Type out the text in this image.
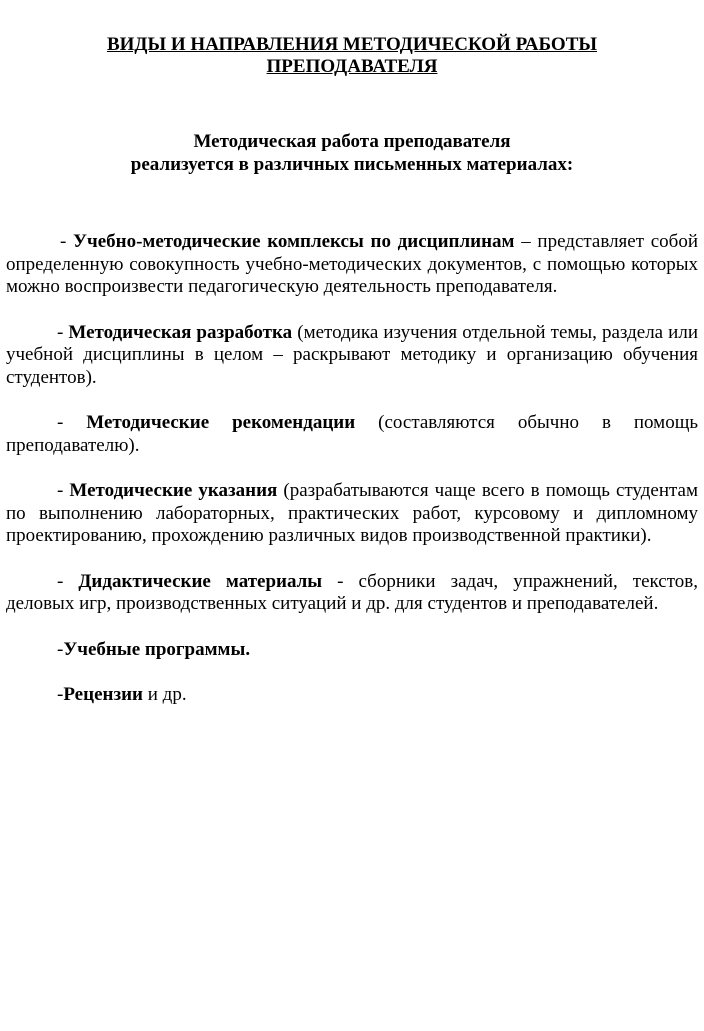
ВИДЫ И НАПРАВЛЕНИЯ МЕТОДИЧЕСКОЙ РАБОТЫ
ПРЕПОДАВАТЕЛЯ
Методическая работа преподавателя
реализуется в различных письменных материалах:

- Учебно-методические комплексы по дисциплинам – представляет собой определенную совокупность учебно-методических документов, с помощью которых можно воспроизвести педагогическую деятельность преподавателя.

- Методическая разработка (методика изучения отдельной темы, раздела или учебной дисциплины в целом – раскрывают методику и организацию обучения студентов).

- Методические рекомендации (составляются обычно в помощь преподавателю).

- Методические указания (разрабатываются чаще всего в помощь студентам по выполнению лабораторных, практических работ, курсовому и дипломному проектированию, прохождению различных видов производственной практики).

- Дидактические материалы - сборники задач, упражнений, текстов, деловых игр, производственных ситуаций и др. для студентов и преподавателей.

-Учебные программы.

-Рецензии и др.
